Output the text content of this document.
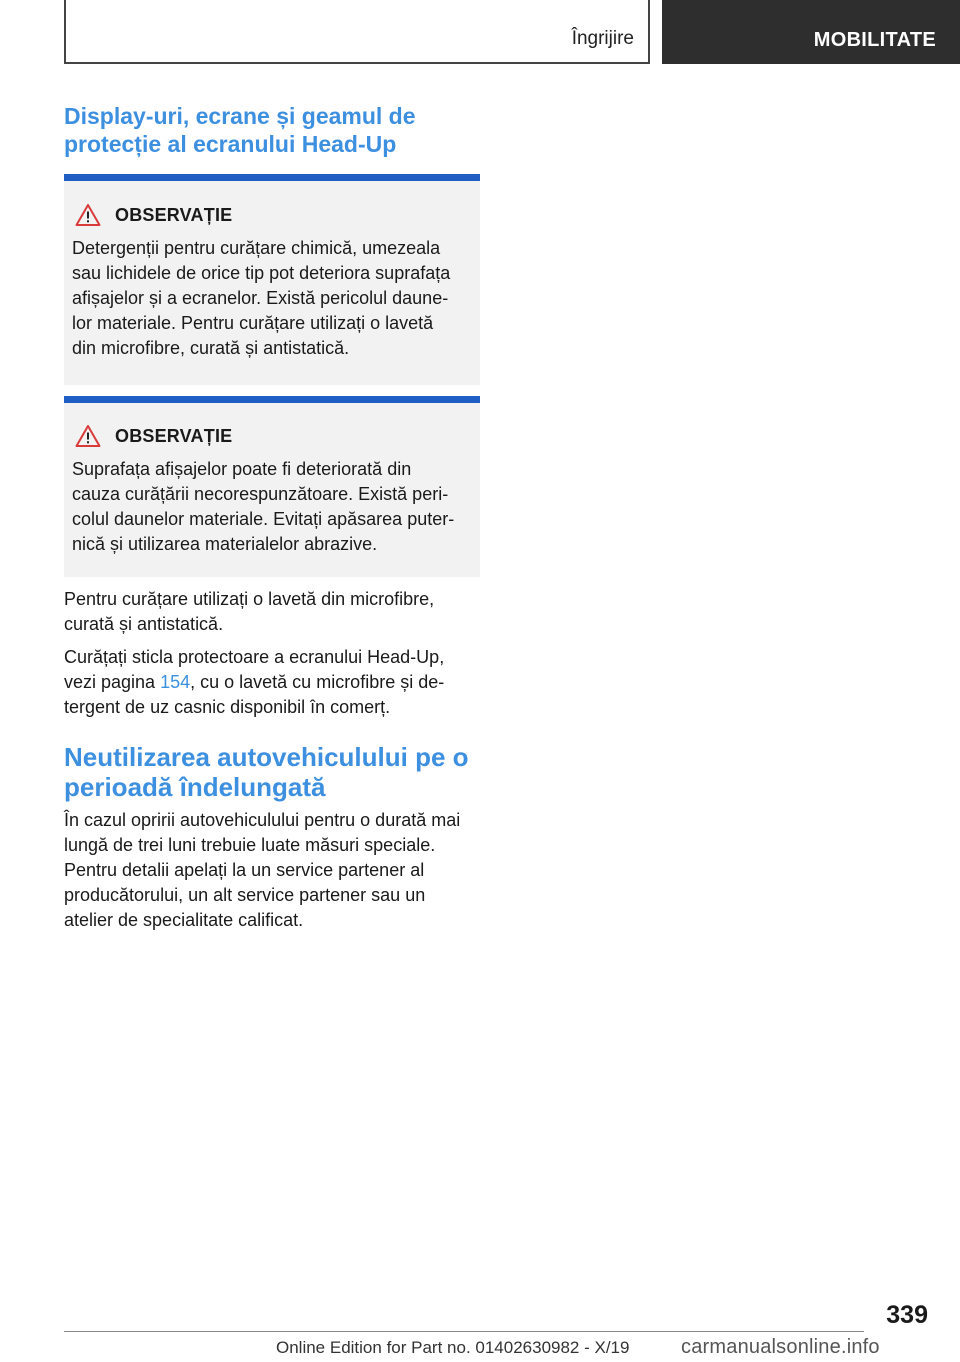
Îngrijire	MOBILITATE
Display-uri, ecrane și geamul de
protecție al ecranului Head-Up
OBSERVAȚIE
Detergenții pentru curățare chimică, umezeala
sau lichidele de orice tip pot deteriora suprafața
afișajelor și a ecranelor. Există pericolul daune-
lor materiale. Pentru curățare utilizați o lavetă
din microfibre, curată și antistatică.
OBSERVAȚIE
Suprafața afișajelor poate fi deteriorată din
cauza curățării necorespunzătoare. Există peri-
colul daunelor materiale. Evitați apăsarea puter-
nică și utilizarea materialelor abrazive.
Pentru curățare utilizați o lavetă din microfibre,
curată și antistatică.
Curățați sticla protectoare a ecranului Head-Up,
vezi pagina 154, cu o lavetă cu microfibre și de-
tergent de uz casnic disponibil în comerț.
Neutilizarea autovehiculului pe o
perioadă îndelungată
În cazul opririi autovehiculului pentru o durată mai
lungă de trei luni trebuie luate măsuri speciale.
Pentru detalii apelați la un service partener al
producătorului, un alt service partener sau un
atelier de specialitate calificat.
339
Online Edition for Part no. 01402630982 - X/19	carmanualsonline.info
